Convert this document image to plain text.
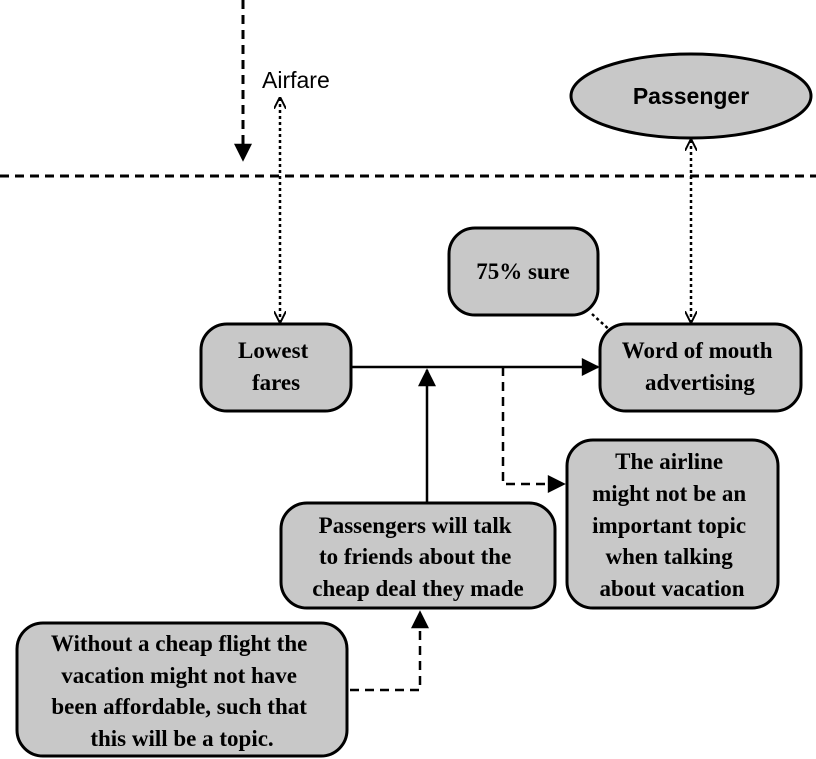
Airfare
Passenger
Lowest fares
75% sure
Word of mouth advertising
The airline might not be an important topic when talking about vacation
Passengers will talk to friends about the cheap deal they made
Without a cheap flight the vacation might not have been affordable, such that this will be a topic.
